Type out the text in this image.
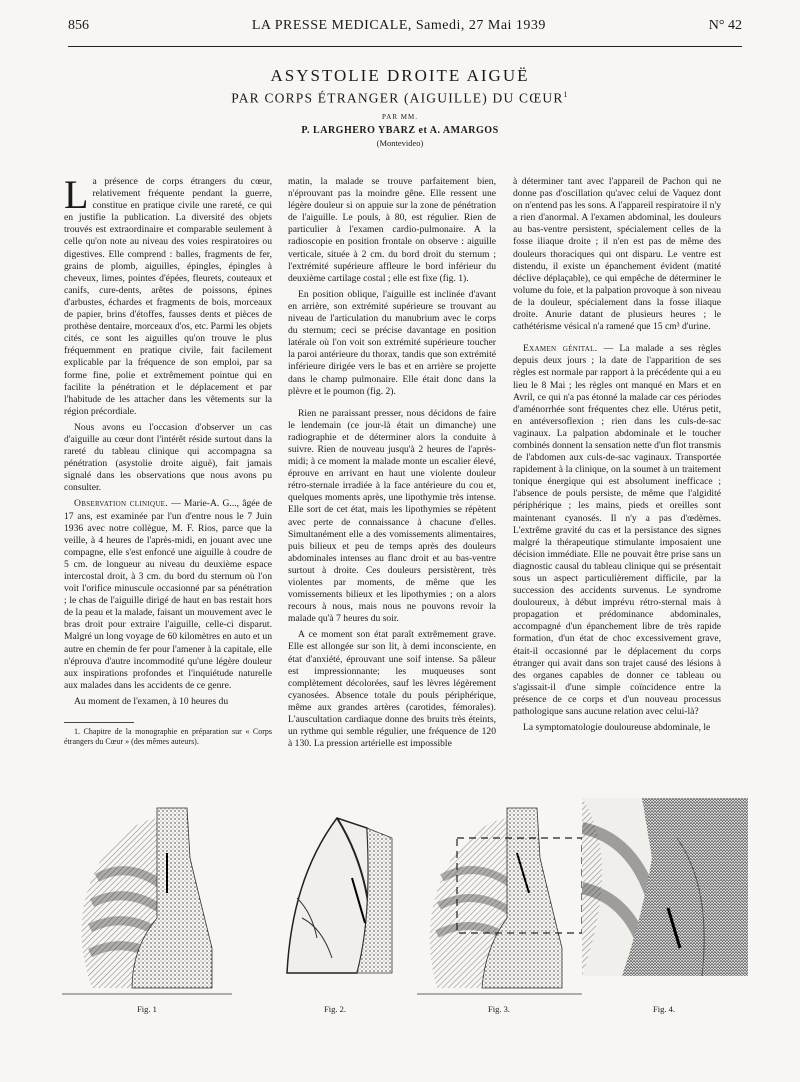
856	LA PRESSE MEDICALE, Samedi, 27 Mai 1939	N° 42

ASYSTOLIE DROITE AIGUË

PAR CORPS ÉTRANGER (AIGUILLE) DU CŒUR$^1$

PAR MM.

P. LARGHERO YBARZ et A. AMARGOS

(Montevideo)

La présence de corps étrangers du cœur, relativement fréquente pendant la guerre, constitue en pratique civile une rareté, ce qui en justifie la publication. La diversité des objets trouvés est extraordinaire et comparable seulement à celle qu'on note au niveau des voies respiratoires ou digestives. Elle comprend : balles, fragments de fer, grains de plomb, aiguilles, épingles, épingles à cheveux, limes, pointes d'épées, fleurets, couteaux et canifs, cure-dents, arêtes de poissons, épines d'arbustes, échardes et fragments de bois, morceaux de papier, brins d'étoffes, fausses dents et pièces de prothèse dentaire, morceaux d'os, etc. Parmi les objets cités, ce sont les aiguilles qu'on trouve le plus fréquemment en pratique civile, fait facilement explicable par la fréquence de son emploi, par sa forme fine, polie et extrêmement pointue qui en facilite la pénétration et le déplacement et par l'habitude de les attacher dans les vêtements sur la région précordiale.

Nous avons eu l'occasion d'observer un cas d'aiguille au cœur dont l'intérêt réside surtout dans la rareté du tableau clinique qui accompagna sa pénétration (asystolie droite aiguë), fait jamais signalé dans les observations que nous avons pu consulter.

Observation clinique. — Marie-A. G..., âgée de 17 ans, est examinée par l'un d'entre nous le 7 Juin 1936 avec notre collègue, M. F. Rios, parce que la veille, à 4 heures de l'après-midi, en jouant avec une compagne, elle s'est enfoncé une aiguille à coudre de 5 cm. de longueur au niveau du deuxième espace intercostal droit, à 3 cm. du bord du sternum où l'on voit l'orifice minuscule occasionné par sa pénétration ; le chas de l'aiguille dirigé de haut en bas restait hors de la peau et la malade, faisant un mouvement avec le bras droit pour extraire l'aiguille, celle-ci disparut. Malgré un long voyage de 60 kilomètres en auto et un autre en chemin de fer pour l'amener à la capitale, elle n'éprouva d'autre incommodité qu'une légère douleur aux inspirations profondes et l'inquiétude naturelle aux malades dans les accidents de ce genre.

Au moment de l'examen, à 10 heures du

1. Chapitre de la monographie en préparation sur « Corps étrangers du Cœur » (des mêmes auteurs).

matin, la malade se trouve parfaitement bien, n'éprouvant pas la moindre gêne. Elle ressent une légère douleur si on appuie sur la zone de pénétration de l'aiguille. Le pouls, à 80, est régulier. Rien de particulier à l'examen cardio-pulmonaire. A la radioscopie en position frontale on observe : aiguille verticale, située à 2 cm. du bord droit du sternum ; l'extrémité supérieure affleure le bord inférieur du deuxième cartilage costal ; elle est fixe (fig. 1).

En position oblique, l'aiguille est inclinée d'avant en arrière, son extrémité supérieure se trouvant au niveau de l'articulation du manubrium avec le corps du sternum; ceci se précise davantage en position latérale où l'on voit son extrémité supérieure toucher la paroi antérieure du thorax, tandis que son extrémité inférieure dirigée vers le bas et en arrière se projette dans le champ pulmonaire. Elle était donc dans la plèvre et le poumon (fig. 2).

Rien ne paraissant presser, nous décidons de faire le lendemain (ce jour-là était un dimanche) une radiographie et de déterminer alors la conduite à suivre. Rien de nouveau jusqu'à 2 heures de l'après-midi; à ce moment la malade monte un escalier élevé, éprouve en arrivant en haut une violente douleur rétro-sternale irradiée à la face antérieure du cou et, quelques moments après, une lipothymie très intense. Elle sort de cet état, mais les lipothymies se répètent avec perte de connaissance à chacune d'elles. Simultanément elle a des vomissements alimentaires, puis bilieux et peu de temps après des douleurs abdominales intenses au flanc droit et au bas-ventre surtout à droite. Ces douleurs persistèrent, très violentes par moments, de même que les vomissements bilieux et les lipothymies ; on a alors recours à nous, mais nous ne pouvons revoir la malade qu'à 7 heures du soir.

A ce moment son état paraît extrêmement grave. Elle est allongée sur son lit, à demi inconsciente, en état d'anxiété, éprouvant une soif intense. Sa pâleur est impressionnante; les muqueuses sont complètement décolorées, sauf les lèvres légèrement cyanosées. Absence totale du pouls périphérique, même aux grandes artères (carotides, fémorales). L'auscultation cardiaque donne des bruits très éteints, un rythme qui semble régulier, une fréquence de 120 à 130. La pression artérielle est impossible

à déterminer tant avec l'appareil de Pachon qui ne donne pas d'oscillation qu'avec celui de Vaquez dont on n'entend pas les sons. A l'appareil respiratoire il n'y a rien d'anormal. A l'examen abdominal, les douleurs au bas-ventre persistent, spécialement celles de la fosse iliaque droite ; il n'en est pas de même des douleurs thoraciques qui ont disparu. Le ventre est distendu, il existe un épanchement évident (matité déclive déplaçable), ce qui empêche de déterminer le volume du foie, et la palpation provoque à son niveau de la douleur, spécialement dans la fosse iliaque droite. Anurie datant de plusieurs heures ; le cathétérisme vésical n'a ramené que 15 cm³ d'urine.

Examen génital. — La malade a ses règles depuis deux jours ; la date de l'apparition de ses règles est normale par rapport à la précédente qui a eu lieu le 8 Mai ; les règles ont manqué en Mars et en Avril, ce qui n'a pas étonné la malade car ces périodes d'aménorrhée sont fréquentes chez elle. Utérus petit, en antéversoflexion ; rien dans les culs-de-sac vaginaux. La palpation abdominale et le toucher combinés donnent la sensation nette d'un flot transmis de l'abdomen aux culs-de-sac vaginaux. Transportée rapidement à la clinique, on la soumet à un traitement tonique énergique qui est absolument inefficace ; l'absence de pouls persiste, de même que l'algidité périphérique ; les mains, pieds et oreilles sont maintenant cyanosés. Il n'y a pas d'œdèmes. L'extrême gravité du cas et la persistance des signes malgré la thérapeutique stimulante imposaient une décision immédiate. Elle ne pouvait être prise sans un diagnostic causal du tableau clinique qui se présentait sous un aspect particulièrement difficile, par la succession des accidents survenus. Le syndrome douloureux, à début imprévu rétro-sternal mais à propagation et prédominance abdominales, accompagné d'un épanchement libre de très rapide formation, d'un état de choc excessivement grave, était-il occasionné par le déplacement du corps étranger qui avait dans son trajet causé des lésions à des organes capables de donner ce tableau ou s'agissait-il d'une simple coïncidence entre la présence de ce corps et d'un nouveau processus pathologique sans aucune relation avec celui-là?

La symptomatologie douloureuse abdominale, le

Fig. 1	Fig. 2.	Fig. 3.	Fig. 4.
